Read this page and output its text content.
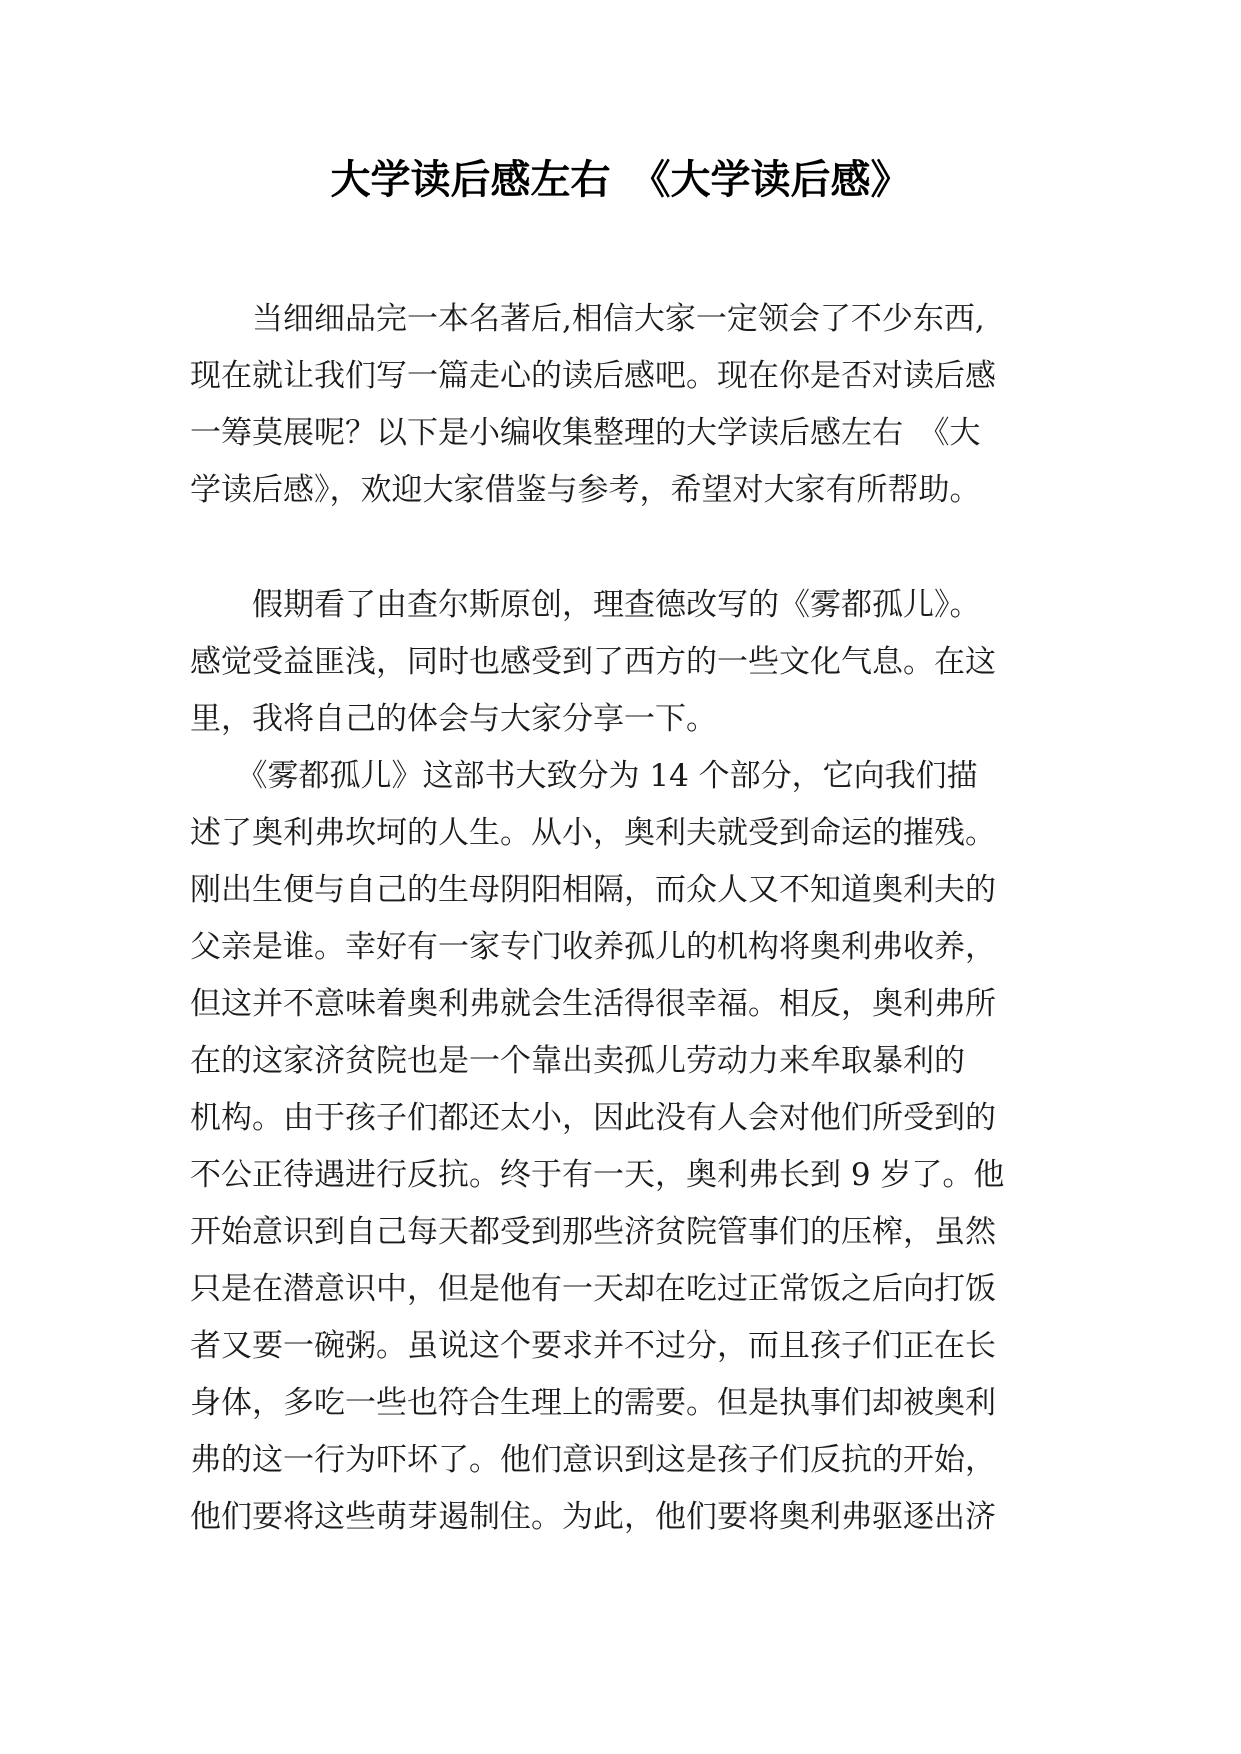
大学读后感左右　《大学读后感》
　　当细细品完一本名著后,相信大家一定领会了不少东西,
现在就让我们写一篇走心的读后感吧。现在你是否对读后感
一筹莫展呢？以下是小编收集整理的大学读后感左右　《大
学读后感》，欢迎大家借鉴与参考，希望对大家有所帮助。
　　假期看了由查尔斯原创，理查德改写的《雾都孤儿》。
感觉受益匪浅，同时也感受到了西方的一些文化气息。在这
里，我将自己的体会与大家分享一下。
　　《雾都孤儿》这部书大致分为 14 个部分，它向我们描
述了奥利弗坎坷的人生。从小，奥利夫就受到命运的摧残。
刚出生便与自己的生母阴阳相隔，而众人又不知道奥利夫的
父亲是谁。幸好有一家专门收养孤儿的机构将奥利弗收养，
但这并不意味着奥利弗就会生活得很幸福。相反，奥利弗所
在的这家济贫院也是一个靠出卖孤儿劳动力来牟取暴利的
机构。由于孩子们都还太小，因此没有人会对他们所受到的
不公正待遇进行反抗。终于有一天，奥利弗长到 9 岁了。他
开始意识到自己每天都受到那些济贫院管事们的压榨，虽然
只是在潜意识中，但是他有一天却在吃过正常饭之后向打饭
者又要一碗粥。虽说这个要求并不过分，而且孩子们正在长
身体，多吃一些也符合生理上的需要。但是执事们却被奥利
弗的这一行为吓坏了。他们意识到这是孩子们反抗的开始，
他们要将这些萌芽遏制住。为此，他们要将奥利弗驱逐出济
